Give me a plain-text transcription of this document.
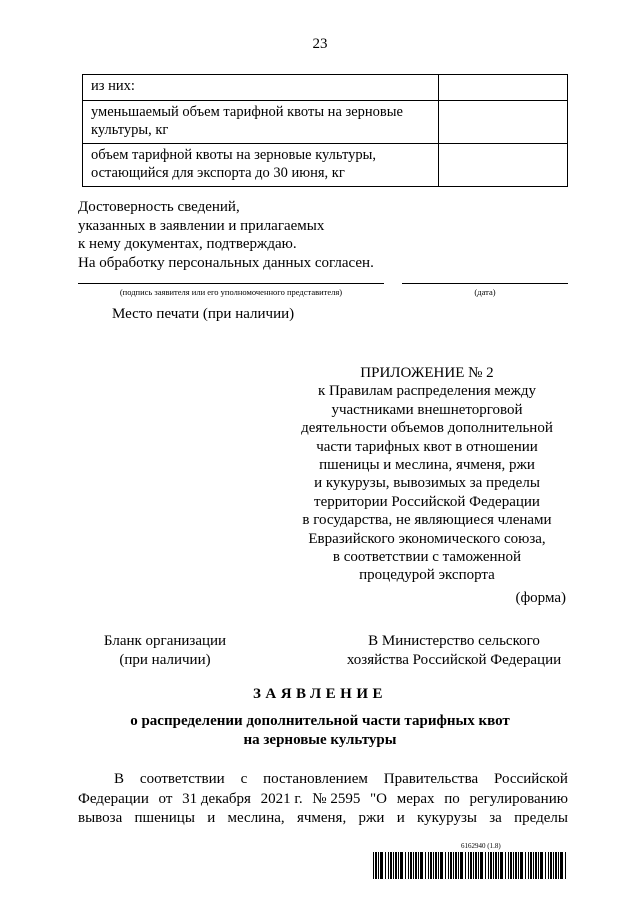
23
из них:	
уменьшаемый объем тарифной квоты на зерновые культуры, кг	
объем тарифной квоты на зерновые культуры, остающийся для экспорта до 30 июня, кг	
Достоверность сведений,
указанных в заявлении и прилагаемых
к нему документах, подтверждаю.
На обработку персональных данных согласен.
(подпись заявителя или его уполномоченного представителя)	(дата)
Место печати (при наличии)
ПРИЛОЖЕНИЕ № 2
к Правилам распределения между
участниками внешнеторговой
деятельности объемов дополнительной
части тарифных квот в отношении
пшеницы и меслина, ячменя, ржи
и кукурузы, вывозимых за пределы
территории Российской Федерации
в государства, не являющиеся членами
Евразийского экономического союза,
в соответствии с таможенной
процедурой экспорта
(форма)
Бланк организации
(при наличии)
В Министерство сельского
хозяйства Российской Федерации
ЗАЯВЛЕНИЕ
о распределении дополнительной части тарифных квот
на зерновые культуры
В соответствии с постановлением Правительства Российской
Федерации от 31 декабря 2021 г. № 2595 "О мерах по регулированию
вывоза пшеницы и меслина, ячменя, ржи и кукурузы за пределы
6162940 (1.8)
